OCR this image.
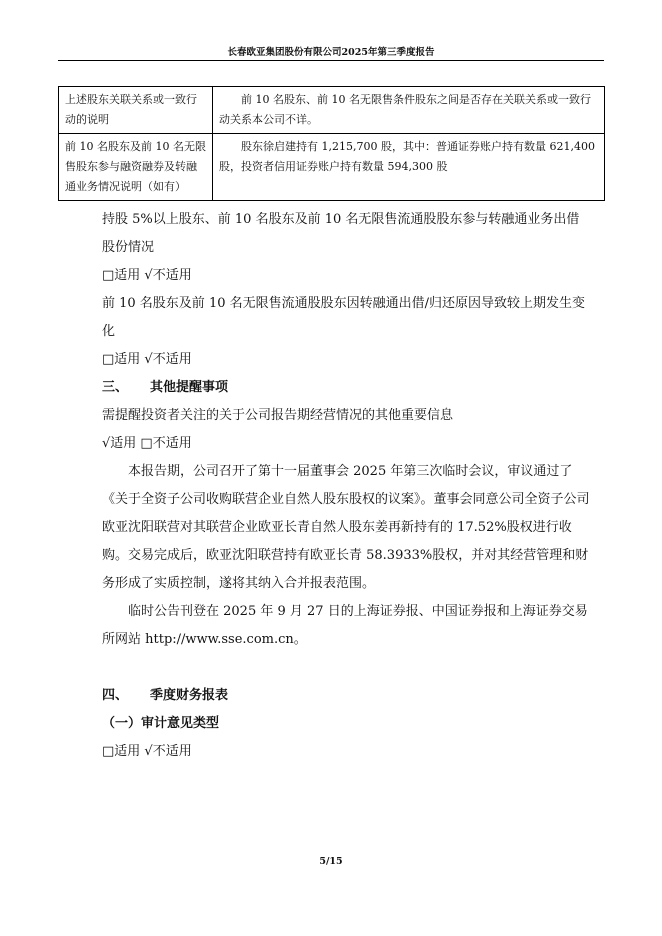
长春欧亚集团股份有限公司2025年第三季度报告
上述股东关联关系或一致行动的说明	前 10 名股东、前 10 名无限售条件股东之间是否存在关联关系或一致行动关系本公司不详。
前 10 名股东及前 10 名无限售股东参与融资融券及转融通业务情况说明（如有）	股东徐启建持有 1,215,700 股，其中：普通证券账户持有数量 621,400 股，投资者信用证券账户持有数量 594,300 股
持股 5%以上股东、前 10 名股东及前 10 名无限售流通股股东参与转融通业务出借股份情况
□适用 √不适用
前 10 名股东及前 10 名无限售流通股股东因转融通出借/归还原因导致较上期发生变化
□适用 √不适用
三、 其他提醒事项
需提醒投资者关注的关于公司报告期经营情况的其他重要信息
√适用 □不适用
本报告期，公司召开了第十一届董事会 2025 年第三次临时会议，审议通过了《关于全资子公司收购联营企业自然人股东股权的议案》。董事会同意公司全资子公司欧亚沈阳联营对其联营企业欧亚长青自然人股东姜再新持有的 17.52%股权进行收购。交易完成后，欧亚沈阳联营持有欧亚长青 58.3933%股权，并对其经营管理和财务形成了实质控制，遂将其纳入合并报表范围。
临时公告刊登在 2025 年 9 月 27 日的上海证券报、中国证券报和上海证券交易所网站 http://www.sse.com.cn。
四、 季度财务报表
（一）审计意见类型
□适用 √不适用
5/15
